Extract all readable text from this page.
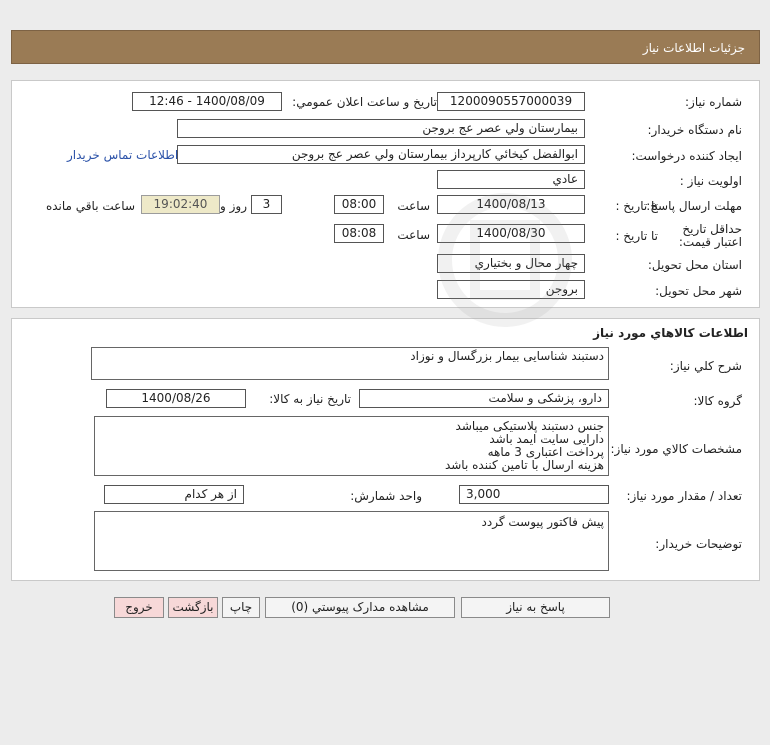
جزئيات اطلاعات نياز
شماره نياز:
1200090557000039
تاريخ و ساعت اعلان عمومي:
1400/08/09 - 12:46
نام دستگاه خريدار:
بيمارستان ولي عصر عج بروجن
ايجاد کننده درخواست:
ابوالفضل كيخائي كارپرداز بيمارستان ولي عصر عج بروجن
اطلاعات تماس خريدار
اولويت نياز :
عادي
مهلت ارسال پاسخ:
تا تاريخ :
1400/08/13
ساعت
08:00
3
روز و
19:02:40
ساعت باقي مانده
حداقل تاريخ اعتبار قيمت:
تا تاريخ :
1400/08/30
ساعت
08:08
استان محل تحويل:
چهار محال و بختياري
شهر محل تحويل:
بروجن
اطلاعات کالاهاي مورد نياز
شرح کلي نياز:
دستبند شناسایی بیمار بزرگسال و نوزاد
گروه کالا:
دارو، پزشکی و سلامت
تاريخ نياز به کالا:
1400/08/26
مشخصات کالاي مورد نياز:
جنس دستبند پلاستیکی میباشد
دارایی سایت ایمد باشد
پرداخت اعتباری 3 ماهه
هزینه ارسال با تامین کننده باشد
تعداد / مقدار مورد نياز:
3,000
واحد شمارش:
از هر کدام
توضيحات خريدار:
پیش فاکتور پیوست گردد
پاسخ به نياز
مشاهده مدارک پيوستي (0)
چاپ
بازگشت
خروج
